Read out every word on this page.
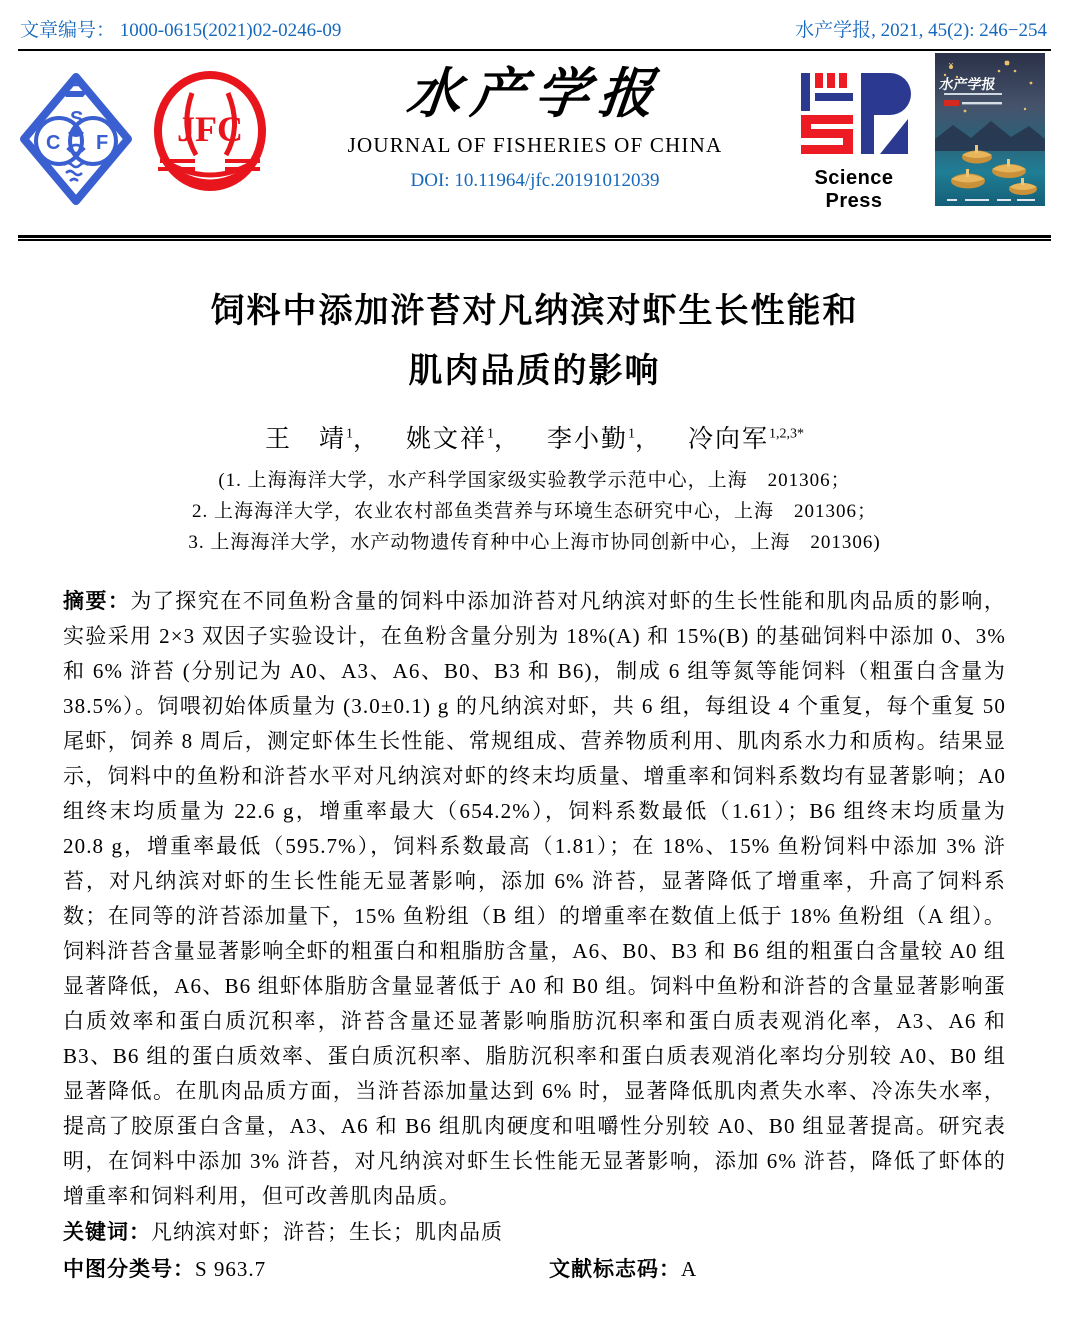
文章编号： 1000-0615(2021)02-0246-09	水产学报, 2021, 45(2): 246−254
C
S
F JFC
水产学报
JOURNAL OF FISHERIES OF CHINA
DOI: 10.11964/jfc.20191012039	Science Press
水产学报
饲料中添加浒苔对凡纳滨对虾生长性能和
肌肉品质的影响
王　靖$^1$， 姚文祥$^1$， 李小勤$^1$， 冷向军$^{1,2,3*}$
(1. 上海海洋大学，水产科学国家级实验教学示范中心，上海　201306；
2. 上海海洋大学，农业农村部鱼类营养与环境生态研究中心，上海　201306；
3. 上海海洋大学，水产动物遗传育种中心上海市协同创新中心，上海　201306)

摘要：为了探究在不同鱼粉含量的饲料中添加浒苔对凡纳滨对虾的生长性能和肌肉品质的影响，实验采用 2×3 双因子实验设计，在鱼粉含量分别为 18%(A) 和 15%(B) 的基础饲料中添加 0、3% 和 6% 浒苔 (分别记为 A0、A3、A6、B0、B3 和 B6)，制成 6 组等氮等能饲料（粗蛋白含量为 38.5%）。饲喂初始体质量为 (3.0±0.1) g 的凡纳滨对虾，共 6 组，每组设 4 个重复，每个重复 50 尾虾，饲养 8 周后，测定虾体生长性能、常规组成、营养物质利用、肌肉系水力和质构。结果显示，饲料中的鱼粉和浒苔水平对凡纳滨对虾的终末均质量、增重率和饲料系数均有显著影响；A0 组终末均质量为 22.6 g，增重率最大（654.2%），饲料系数最低（1.61）；B6 组终末均质量为 20.8 g，增重率最低（595.7%），饲料系数最高（1.81）；在 18%、15% 鱼粉饲料中添加 3% 浒苔，对凡纳滨对虾的生长性能无显著影响，添加 6% 浒苔，显著降低了增重率，升高了饲料系数；在同等的浒苔添加量下，15% 鱼粉组（B 组）的增重率在数值上低于 18% 鱼粉组（A 组）。饲料浒苔含量显著影响全虾的粗蛋白和粗脂肪含量，A6、B0、B3 和 B6 组的粗蛋白含量较 A0 组显著降低，A6、B6 组虾体脂肪含量显著低于 A0 和 B0 组。饲料中鱼粉和浒苔的含量显著影响蛋白质效率和蛋白质沉积率，浒苔含量还显著影响脂肪沉积率和蛋白质表观消化率，A3、A6 和 B3、B6 组的蛋白质效率、蛋白质沉积率、脂肪沉积率和蛋白质表观消化率均分别较 A0、B0 组显著降低。在肌肉品质方面，当浒苔添加量达到 6% 时，显著降低肌肉煮失水率、冷冻失水率，提高了胶原蛋白含量，A3、A6 和 B6 组肌肉硬度和咀嚼性分别较 A0、B0 组显著提高。研究表明，在饲料中添加 3% 浒苔，对凡纳滨对虾生长性能无显著影响，添加 6% 浒苔，降低了虾体的增重率和饲料利用，但可改善肌肉品质。

关键词：凡纳滨对虾；浒苔；生长；肌肉品质

中图分类号：S 963.7	文献标志码：A
